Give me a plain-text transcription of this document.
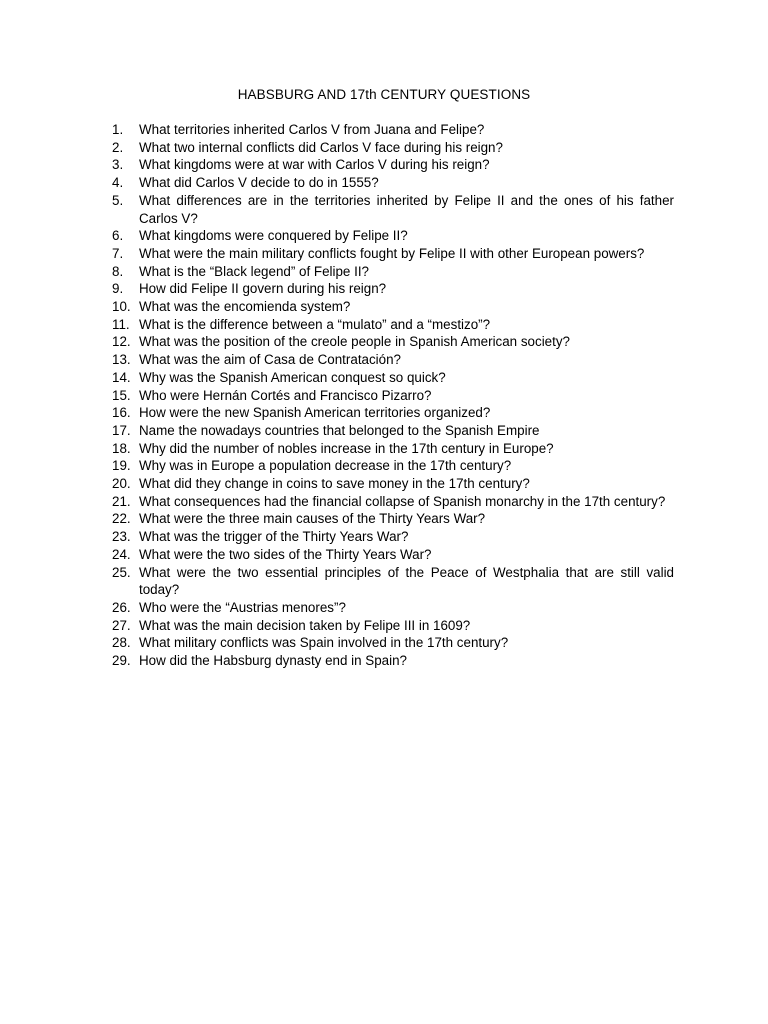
HABSBURG AND 17th CENTURY QUESTIONS
1.	What territories inherited Carlos V from Juana and Felipe?
2.	What two internal conflicts did Carlos V face during his reign?
3.	What kingdoms were at war with Carlos V during his reign?
4.	What did Carlos V decide to do in 1555?
5.	What differences are in the territories inherited by Felipe II and the ones of his father Carlos V?
6.	What kingdoms were conquered by Felipe II?
7.	What were the main military conflicts fought by Felipe II with other European powers?
8.	What is the “Black legend” of Felipe II?
9.	How did Felipe II govern during his reign?
10. What was the encomienda system?
11. What is the difference between a “mulato” and a “mestizo”?
12. What was the position of the creole people in Spanish American society?
13. What was the aim of Casa de Contratación?
14. Why was the Spanish American conquest so quick?
15. Who were Hernán Cortés and Francisco Pizarro?
16. How were the new Spanish American territories organized?
17. Name the nowadays countries that belonged to the Spanish Empire
18. Why did the number of nobles increase in the 17th century in Europe?
19. Why was in Europe a population decrease in the 17th century?
20. What did they change in coins to save money in the 17th century?
21. What consequences had the financial collapse of Spanish monarchy in the 17th century?
22. What were the three main causes of the Thirty Years War?
23. What was the trigger of the Thirty Years War?
24. What were the two sides of the Thirty Years War?
25. What were the two essential principles of the Peace of Westphalia that are still valid today?
26. Who were the “Austrias menores”?
27. What was the main decision taken by Felipe III in 1609?
28. What military conflicts was Spain involved in the 17th century?
29. How did the Habsburg dynasty end in Spain?
